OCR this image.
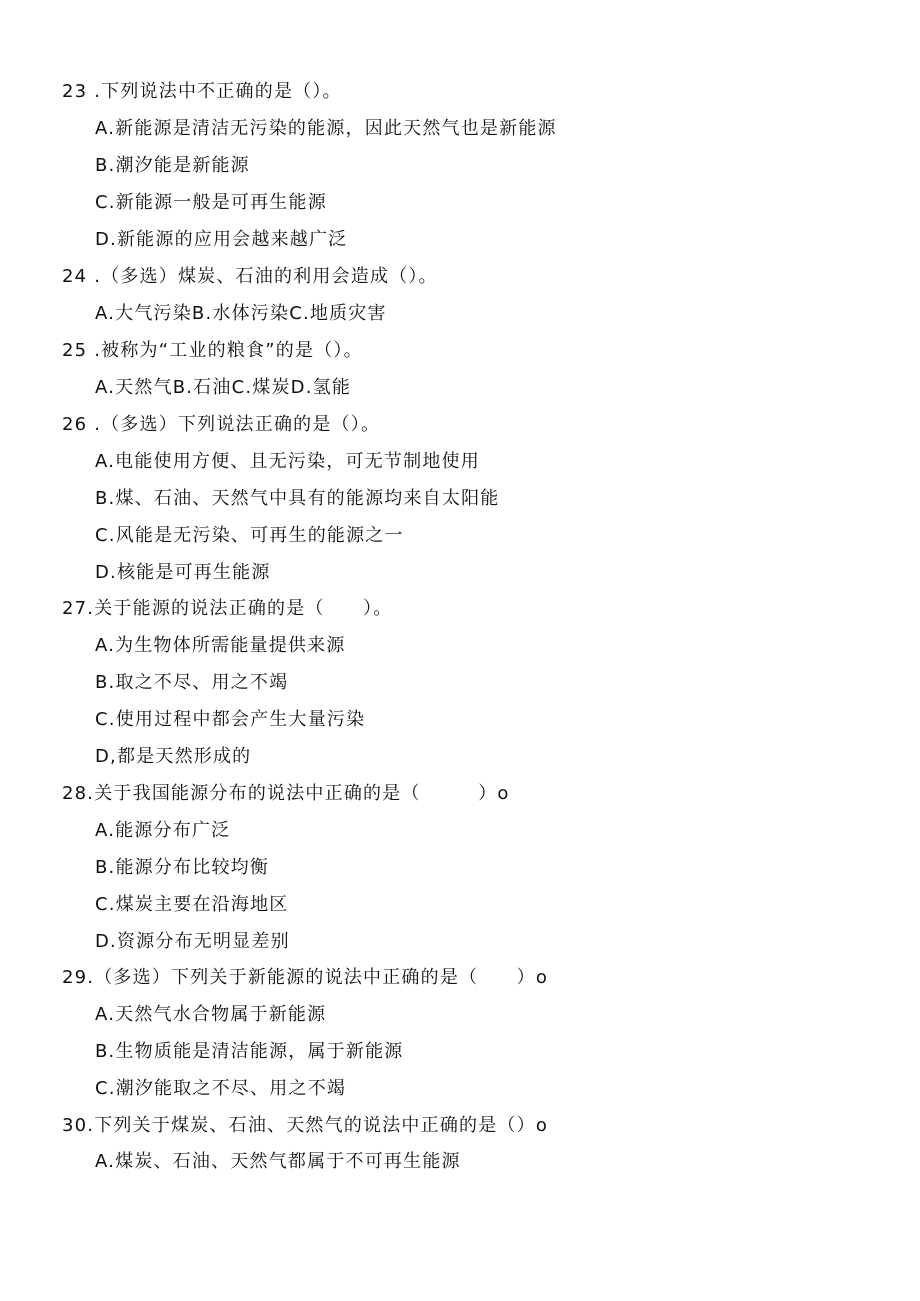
23 .下列说法中不正确的是（）。
A.新能源是清洁无污染的能源，因此天然气也是新能源
B.潮汐能是新能源
C.新能源一般是可再生能源
D.新能源的应用会越来越广泛
24 .（多选）煤炭、石油的利用会造成（）。
A.大气污染B.水体污染C.地质灾害
25 .被称为“工业的粮食”的是（）。
A.天然气B.石油C.煤炭D.氢能
26 .（多选）下列说法正确的是（）。
A.电能使用方便、且无污染，可无节制地使用
B.煤、石油、天然气中具有的能源均来自太阳能
C.风能是无污染、可再生的能源之一
D.核能是可再生能源
27.关于能源的说法正确的是（　　）。
A.为生物体所需能量提供来源
B.取之不尽、用之不竭
C.使用过程中都会产生大量污染
D,都是天然形成的
28.关于我国能源分布的说法中正确的是（　　　）o
A.能源分布广泛
B.能源分布比较均衡
C.煤炭主要在沿海地区
D.资源分布无明显差别
29.（多选）下列关于新能源的说法中正确的是（　　）o
A.天然气水合物属于新能源
B.生物质能是清洁能源，属于新能源
C.潮汐能取之不尽、用之不竭
30.下列关于煤炭、石油、天然气的说法中正确的是（）o
A.煤炭、石油、天然气都属于不可再生能源
